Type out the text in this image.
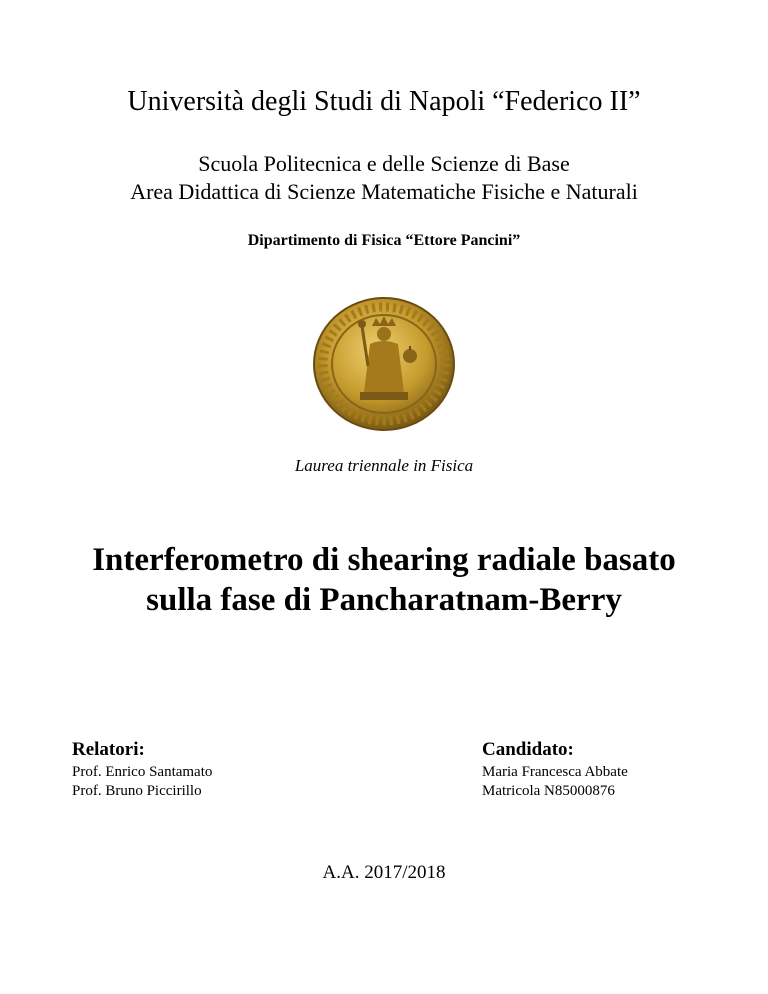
Università degli Studi di Napoli “Federico II”
Scuola Politecnica e delle Scienze di Base
Area Didattica di Scienze Matematiche Fisiche e Naturali
Dipartimento di Fisica “Ettore Pancini”
Laurea triennale in Fisica
Interferometro di shearing radiale basato
sulla fase di Pancharatnam-Berry
Relatori:
Prof. Enrico Santamato
Prof. Bruno Piccirillo
Candidato:
Maria Francesca Abbate
Matricola N85000876
A.A. 2017/2018
